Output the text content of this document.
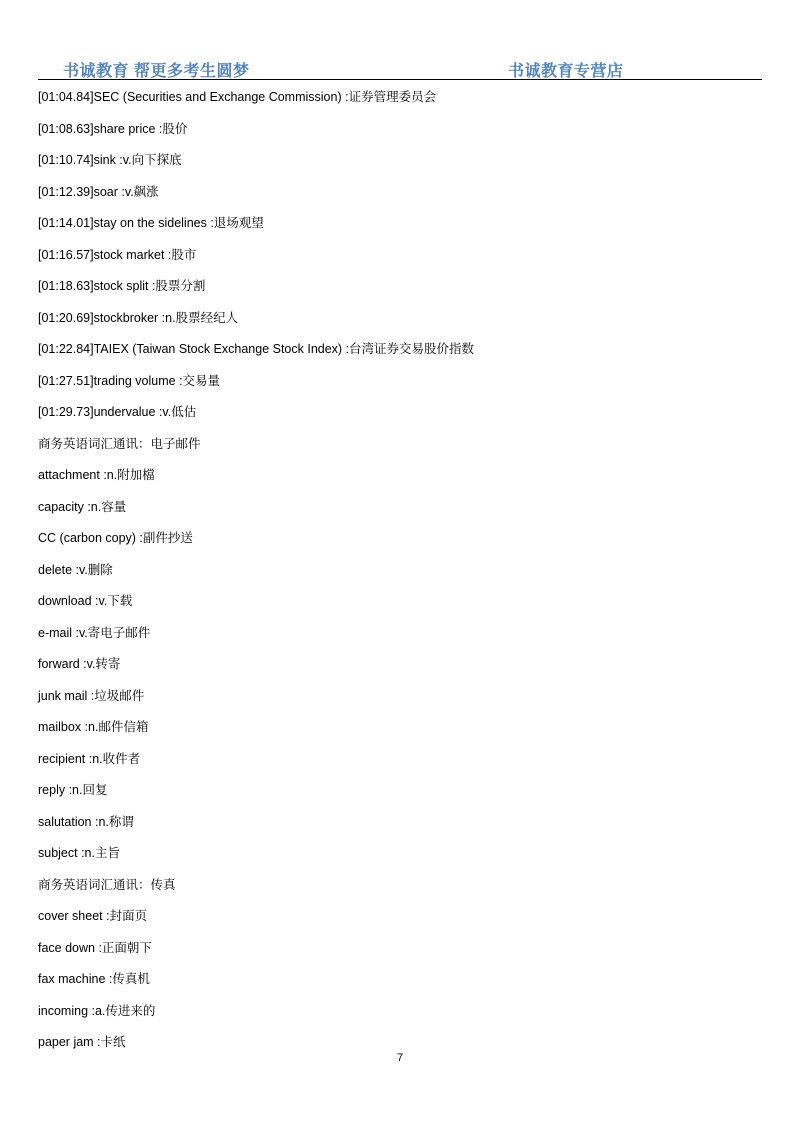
书诚教育 帮更多考生圆梦	书诚教育专营店
[01:04.84]SEC (Securities and Exchange Commission) :证券管理委员会
[01:08.63]share price :股价
[01:10.74]sink :v.向下探底
[01:12.39]soar :v.飙涨
[01:14.01]stay on the sidelines :退场观望
[01:16.57]stock market :股市
[01:18.63]stock split :股票分割
[01:20.69]stockbroker :n.股票经纪人
[01:22.84]TAIEX (Taiwan Stock Exchange Stock Index) :台湾证券交易股价指数
[01:27.51]trading volume :交易量
[01:29.73]undervalue :v.低估
商务英语词汇通讯：电子邮件
attachment :n.附加檔
capacity :n.容量
CC (carbon copy) :副件抄送
delete :v.删除
download :v.下载
e-mail :v.寄电子邮件
forward :v.转寄
junk mail :垃圾邮件
mailbox :n.邮件信箱
recipient :n.收件者
reply :n.回复
salutation :n.称谓
subject :n.主旨
商务英语词汇通讯：传真
cover sheet :封面页
face down :正面朝下
fax machine :传真机
incoming :a.传进来的
paper jam :卡纸
7
